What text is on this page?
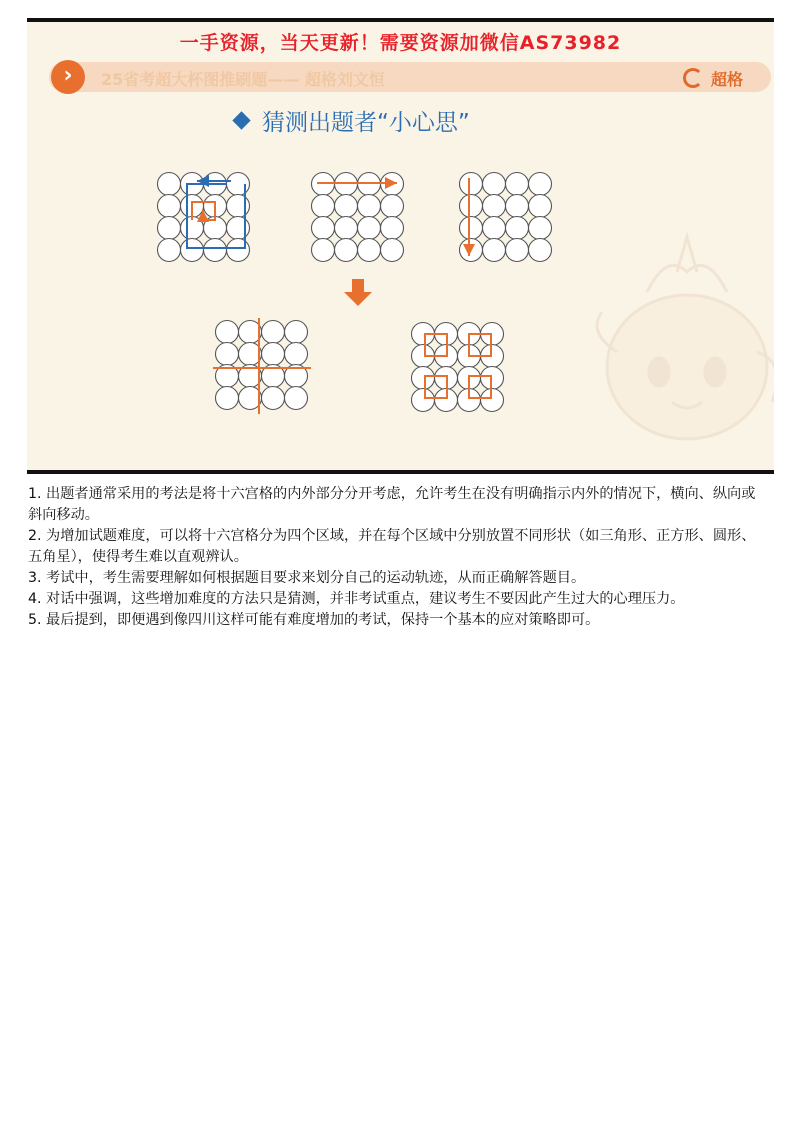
一手资源，当天更新！需要资源加微信AS73982
›	25省考超大杯图推刷题—— 超格刘文恒	超格
猜测出题者“小心思”

1. 出题者通常采用的考法是将十六宫格的内外部分分开考虑，允许考生在没有明确指示内外的情况下，横向、纵向或斜向移动。

2. 为增加试题难度，可以将十六宫格分为四个区域，并在每个区域中分别放置不同形状（如三角形、正方形、圆形、五角星），使得考生难以直观辨认。

3. 考试中，考生需要理解如何根据题目要求来划分自己的运动轨迹，从而正确解答题目。

4. 对话中强调，这些增加难度的方法只是猜测，并非考试重点，建议考生不要因此产生过大的心理压力。

5. 最后提到，即便遇到像四川这样可能有难度增加的考试，保持一个基本的应对策略即可。
